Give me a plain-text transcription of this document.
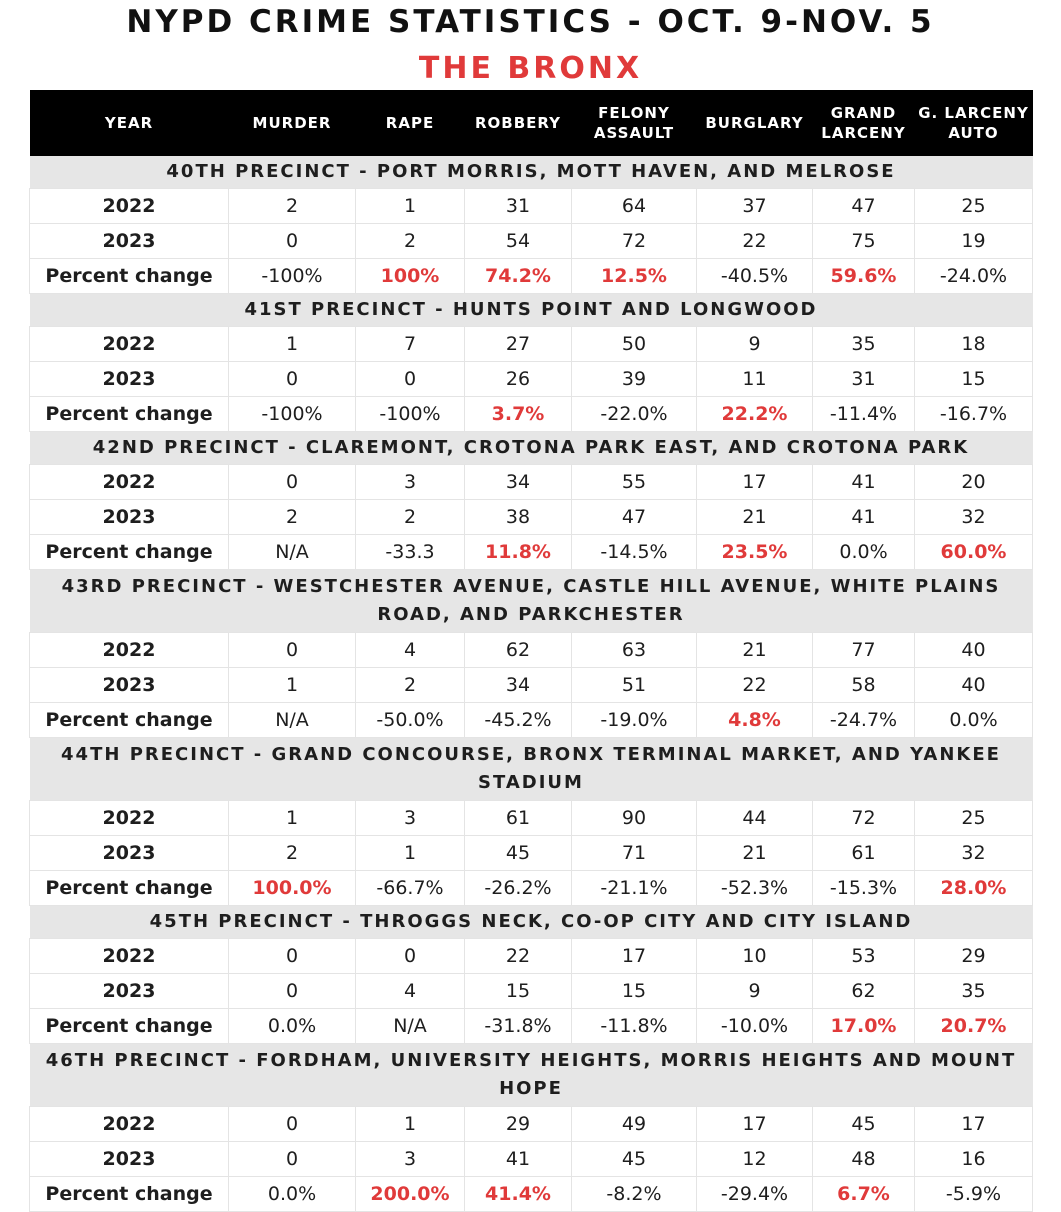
NYPD CRIME STATISTICS - OCT. 9-NOV. 5
THE BRONX
YEAR	MURDER	RAPE	ROBBERY	FELONY ASSAULT	BURGLARY	GRAND LARCENY	G. LARCENY AUTO
40TH PRECINCT - PORT MORRIS, MOTT HAVEN, AND MELROSE							
2022	2	1	31	64	37	47	25
2023	0	2	54	72	22	75	19
Percent change	-100%	100%	74.2%	12.5%	-40.5%	59.6%	-24.0%
41ST PRECINCT - HUNTS POINT AND LONGWOOD							
2022	1	7	27	50	9	35	18
2023	0	0	26	39	11	31	15
Percent change	-100%	-100%	3.7%	-22.0%	22.2%	-11.4%	-16.7%
42ND PRECINCT - CLAREMONT, CROTONA PARK EAST, AND CROTONA PARK							
2022	0	3	34	55	17	41	20
2023	2	2	38	47	21	41	32
Percent change	N/A	-33.3	11.8%	-14.5%	23.5%	0.0%	60.0%
43RD PRECINCT - WESTCHESTER AVENUE, CASTLE HILL AVENUE, WHITE PLAINS ROAD, AND PARKCHESTER							
2022	0	4	62	63	21	77	40
2023	1	2	34	51	22	58	40
Percent change	N/A	-50.0%	-45.2%	-19.0%	4.8%	-24.7%	0.0%
44TH PRECINCT - GRAND CONCOURSE, BRONX TERMINAL MARKET, AND YANKEE STADIUM							
2022	1	3	61	90	44	72	25
2023	2	1	45	71	21	61	32
Percent change	100.0%	-66.7%	-26.2%	-21.1%	-52.3%	-15.3%	28.0%
45TH PRECINCT - THROGGS NECK, CO-OP CITY AND CITY ISLAND							
2022	0	0	22	17	10	53	29
2023	0	4	15	15	9	62	35
Percent change	0.0%	N/A	-31.8%	-11.8%	-10.0%	17.0%	20.7%
46TH PRECINCT - FORDHAM, UNIVERSITY HEIGHTS, MORRIS HEIGHTS AND MOUNT HOPE							
2022	0	1	29	49	17	45	17
2023	0	3	41	45	12	48	16
Percent change	0.0%	200.0%	41.4%	-8.2%	-29.4%	6.7%	-5.9%
